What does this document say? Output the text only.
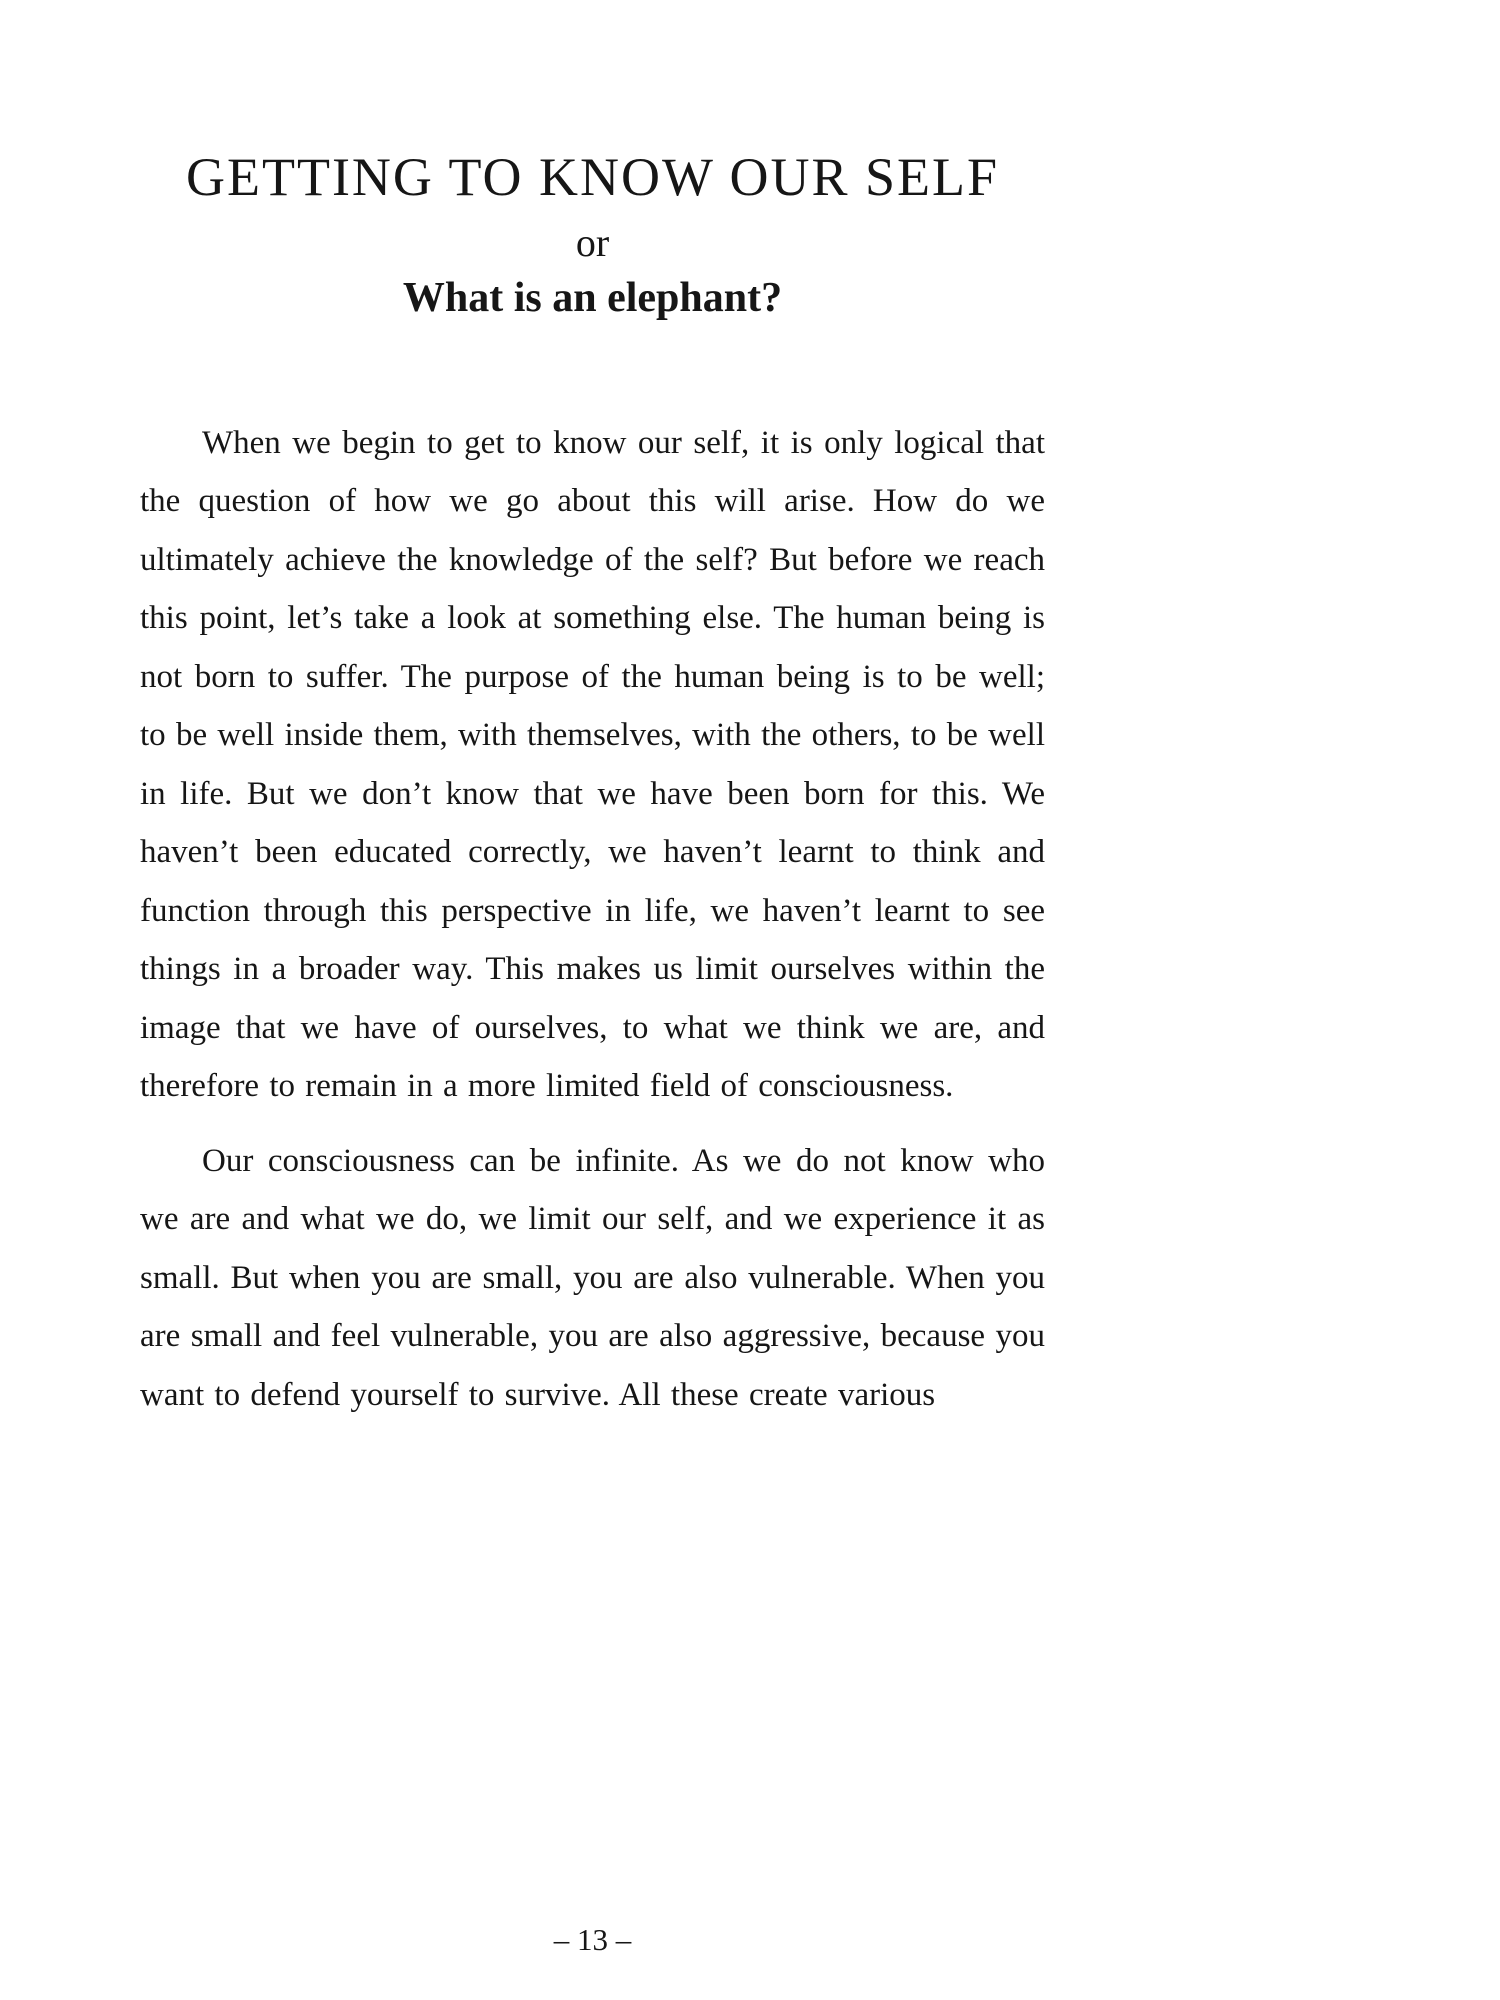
GETTING TO KNOW OUR SELF
or
What is an elephant?

When we begin to get to know our self, it is only logical that the question of how we go about this will arise. How do we ultimately achieve the knowledge of the self? But before we reach this point, let’s take a look at something else. The human being is not born to suffer. The purpose of the human being is to be well; to be well inside them, with themselves, with the others, to be well in life. But we don’t know that we have been born for this. We haven’t been educated correctly, we haven’t learnt to think and function through this perspective in life, we haven’t learnt to see things in a broader way. This makes us limit ourselves within the image that we have of ourselves, to what we think we are, and therefore to remain in a more limited field of consciousness.

Our consciousness can be infinite. As we do not know who we are and what we do, we limit our self, and we experience it as small. But when you are small, you are also vulnerable. When you are small and feel vulnerable, you are also aggressive, because you want to defend yourself to survive. All these create various

– 13 –
